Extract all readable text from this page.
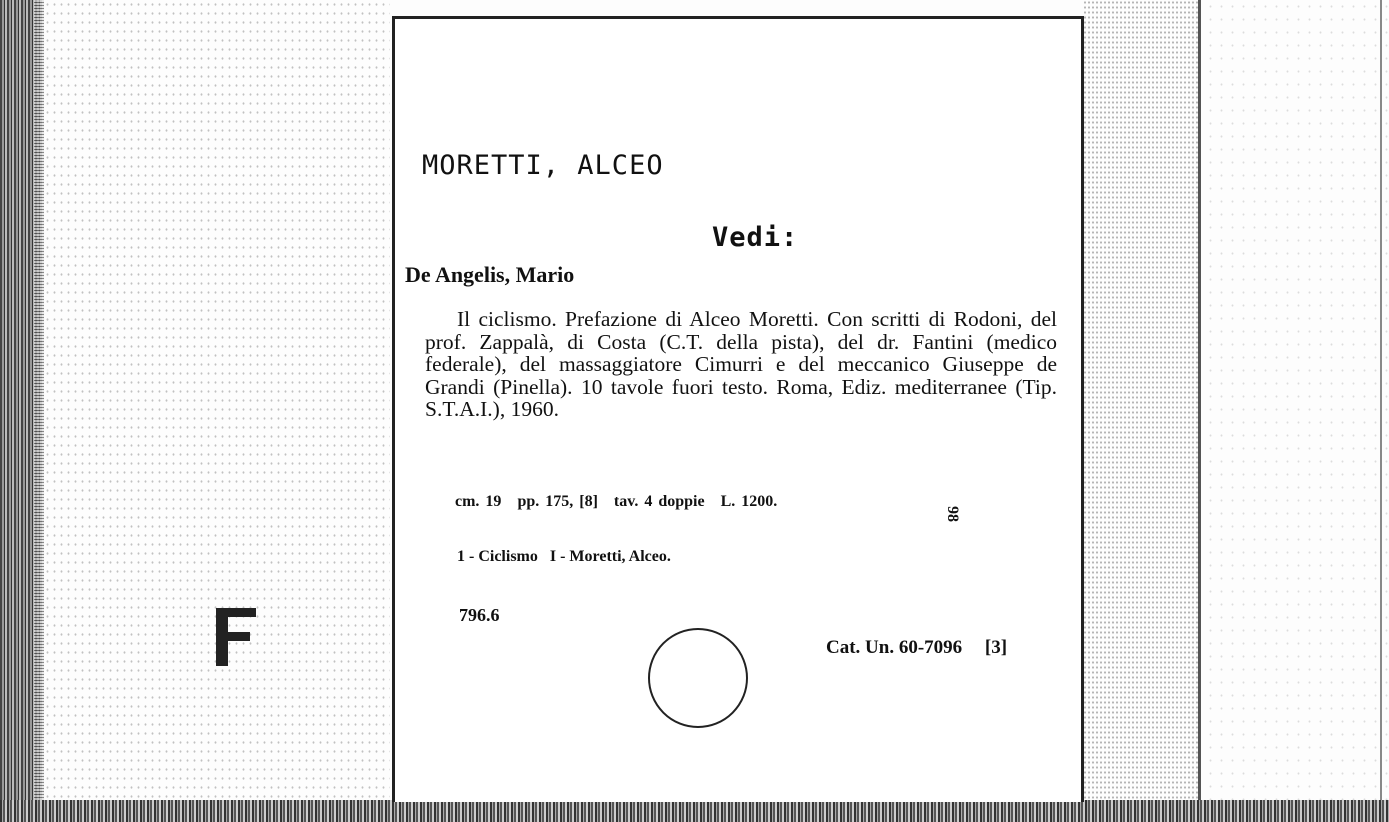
MORETTI, ALCEO
Vedi:
De Angelis, Mario
Il ciclismo. Prefazione di Alceo Moretti. Con scritti di Rodoni, del prof. Zappalà, di Costa (C.T. della pista), del dr. Fantini (medico federale), del massaggiatore Cimurri e del meccanico Giuseppe de Grandi (Pinella). 10 tavole fuori testo. Roma, Ediz. mediterranee (Tip. S.T.A.I.), 1960.
cm. 19 pp. 175, [8] tav. 4 doppie L. 1200.
98
1 - Ciclismo I - Moretti, Alceo.
796.6
Cat. Un. 60-7096 [3]
